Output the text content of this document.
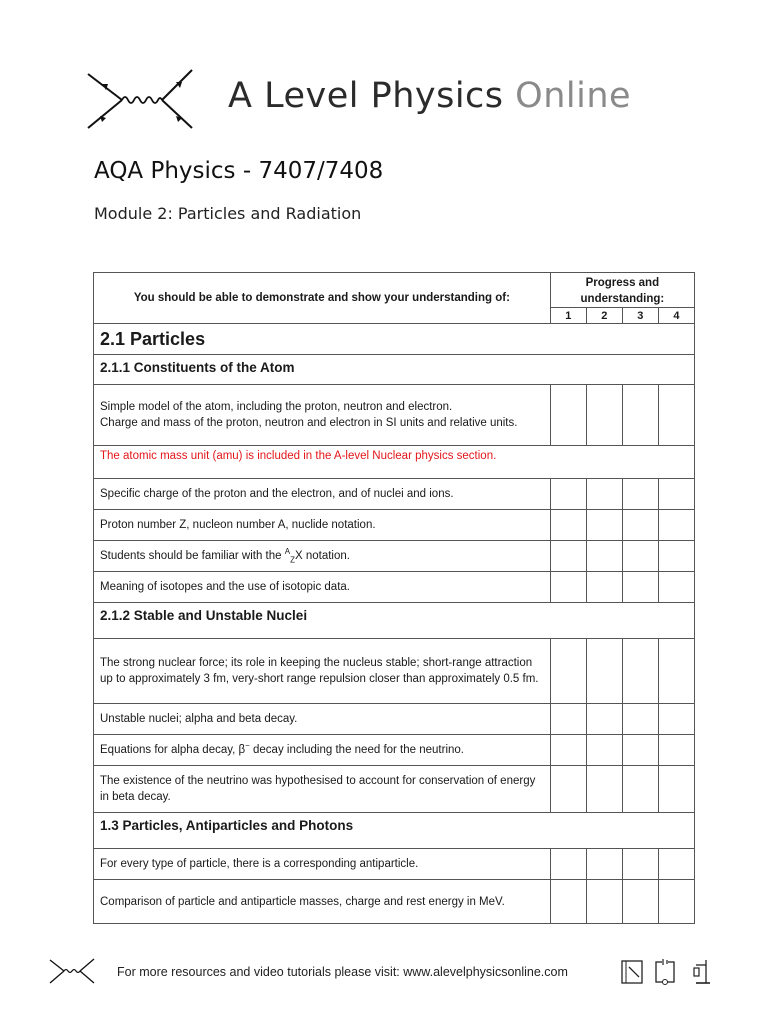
A Level Physics Online
AQA Physics - 7407/7408
Module 2: Particles and Radiation
You should be able to demonstrate and show your understanding of:	Progress and
understanding:			
	1	2	3	4
2.1 Particles				
2.1.1 Constituents of the Atom				
Simple model of the atom, including the proton, neutron and electron.
Charge and mass of the proton, neutron and electron in SI units and relative units.				
The atomic mass unit (amu) is included in the A-level Nuclear physics section.				
Specific charge of the proton and the electron, and of nuclei and ions.				
Proton number Z, nucleon number A, nuclide notation.				
Students should be familiar with the $^A_Z$X notation.				
Meaning of isotopes and the use of isotopic data.				
2.1.2 Stable and Unstable Nuclei				
The strong nuclear force; its role in keeping the nucleus stable; short-range attraction up to approximately 3 fm, very-short range repulsion closer than approximately 0.5 fm.				
Unstable nuclei; alpha and beta decay.				
Equations for alpha decay, β− decay including the need for the neutrino.				
The existence of the neutrino was hypothesised to account for conservation of energy in beta decay.				
1.3 Particles, Antiparticles and Photons				
For every type of particle, there is a corresponding antiparticle.				
Comparison of particle and antiparticle masses, charge and rest energy in MeV.				
For more resources and video tutorials please visit: www.alevelphysicsonline.com
